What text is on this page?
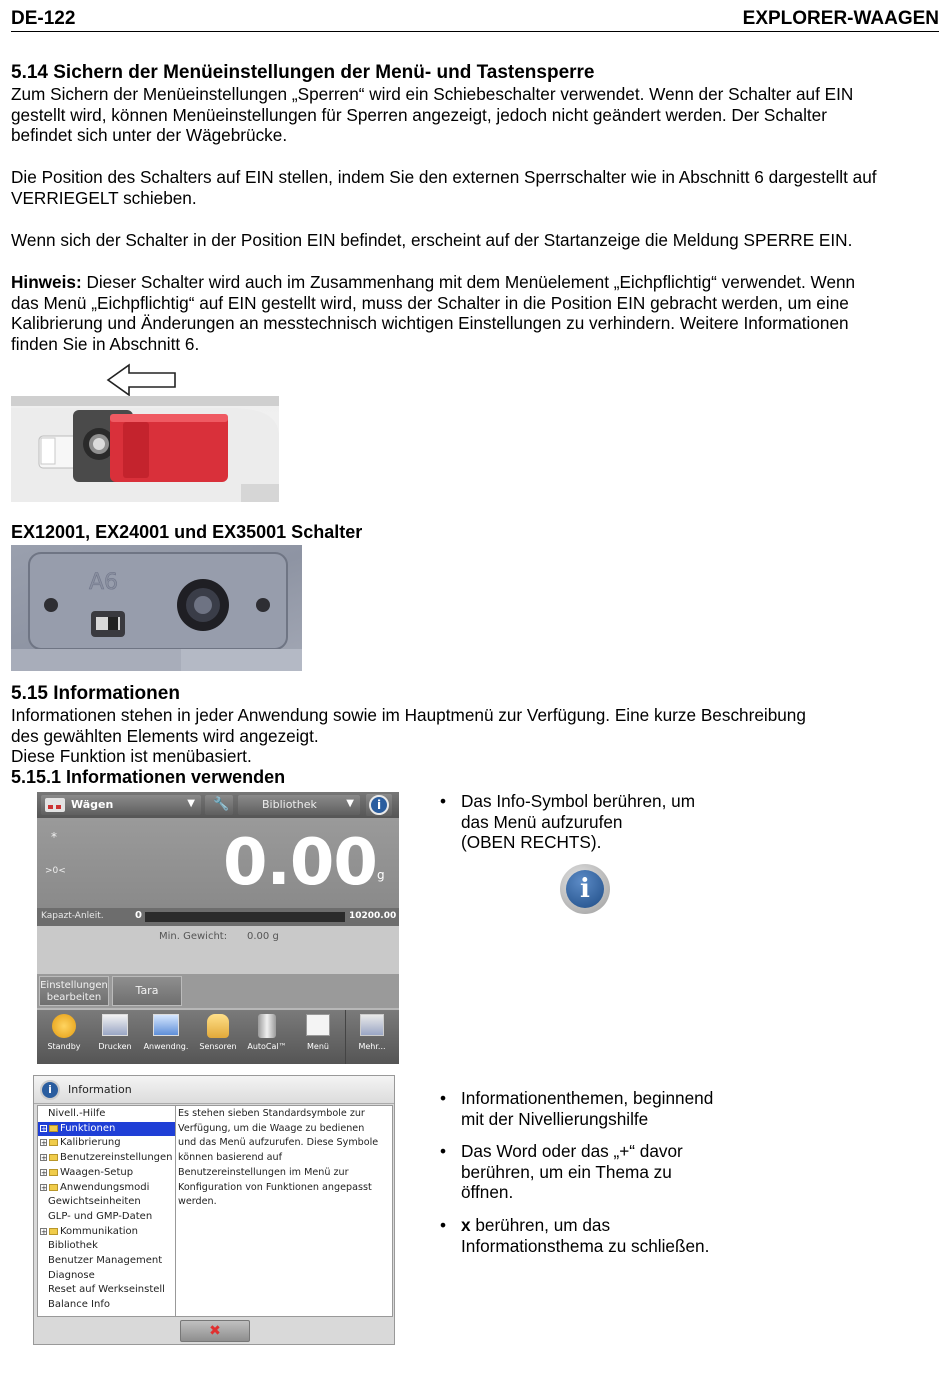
DE-122	EXPLORER-WAAGEN
5.14 Sichern der Menüeinstellungen der Menü- und Tastensperre
Zum Sichern der Menüeinstellungen „Sperren“ wird ein Schiebeschalter verwendet. Wenn der Schalter auf EIN
gestellt wird, können Menüeinstellungen für Sperren angezeigt, jedoch nicht geändert werden. Der Schalter
befindet sich unter der Wägebrücke.
Die Position des Schalters auf EIN stellen, indem Sie den externen Sperrschalter wie in Abschnitt 6 dargestellt auf
VERRIEGELT schieben.
Wenn sich der Schalter in der Position EIN befindet, erscheint auf der Startanzeige die Meldung SPERRE EIN.
Hinweis: Dieser Schalter wird auch im Zusammenhang mit dem Menüelement „Eichpflichtig“ verwendet. Wenn
das Menü „Eichpflichtig“ auf EIN gestellt wird, muss der Schalter in die Position EIN gebracht werden, um eine
Kalibrierung und Änderungen an messtechnisch wichtigen Einstellungen zu verhindern. Weitere Informationen
finden Sie in Abschnitt 6.
EX12001, EX24001 und EX35001 Schalter
A6
5.15 Informationen
Informationen stehen in jeder Anwendung sowie im Hauptmenü zur Verfügung. Eine kurze Beschreibung
des gewählten Elements wird angezeigt.
Diese Funktion ist menübasiert.
5.15.1 Informationen verwenden
Wägen	▼ 🔧	Bibliothek	▼	i
*
>0< 0.00 g
Kapazt-Anleit.	0	10200.00
Min. Gewicht: 0.00 g
Einstellungen
bearbeiten
Tara
Standby	Drucken	Anwendng.	Sensoren	AutoCal™	Menü	Mehr...
• Das Info-Symbol berühren, um
das Menü aufzurufen
(OBEN RECHTS).
i
i	Information
Nivell.-Hilfe
+ Funktionen
+ Kalibrierung
+ Benutzereinstellungen
+ Waagen-Setup
+ Anwendungsmodi
Gewichtseinheiten
GLP- und GMP-Daten
+ Kommunikation
Bibliothek
Benutzer Management
Diagnose
Reset auf Werkseinstell
Balance Info
Es stehen sieben Standardsymbole zur
Verfügung, um die Waage zu bedienen
und das Menü aufzurufen. Diese Symbole
können basierend auf
Benutzereinstellungen im Menü zur
Konfiguration von Funktionen angepasst
werden.
✖
• Informationenthemen, beginnend
mit der Nivellierungshilfe
• Das Word oder das „+“ davor
berühren, um ein Thema zu
öffnen.
• x berühren, um das
Informationsthema zu schließen.
